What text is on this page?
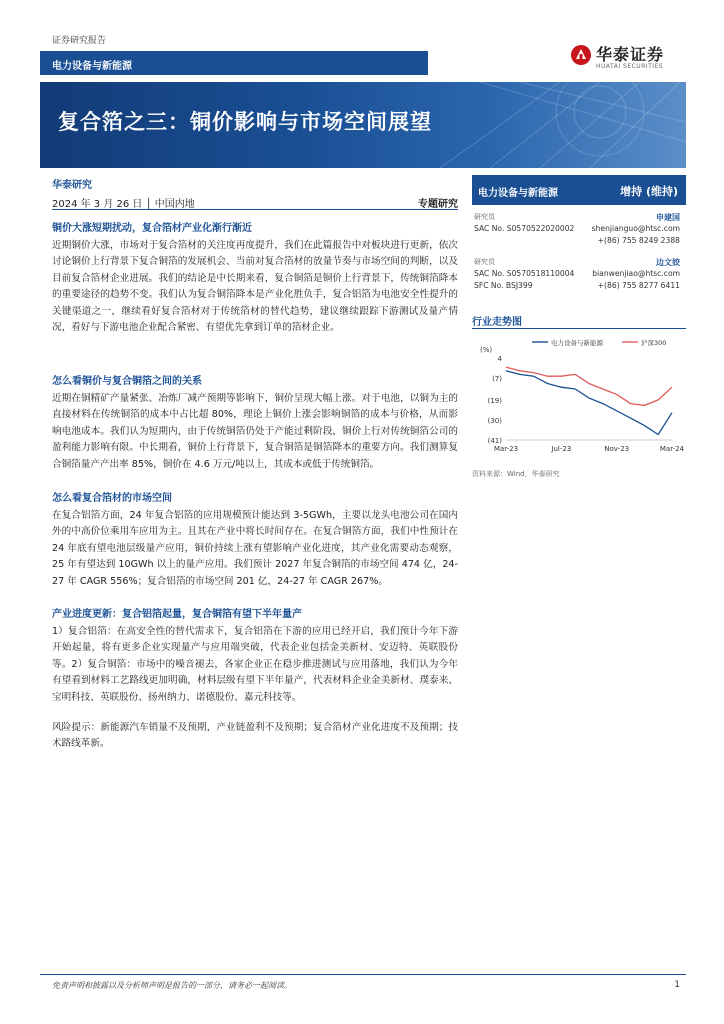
证券研究报告
电力设备与新能源
华泰证券
HUATAI SECURITIES
复合箔之三：铜价影响与市场空间展望
华泰研究
2024 年 3 月 26 日 │ 中国内地	专题研究
铜价大涨短期扰动，复合箔材产业化渐行渐近

近期铜价大涨，市场对于复合箔材的关注度再度提升，我们在此篇报告中对板块进行更新，依次讨论铜价上行背景下复合铜箔的发展机会、当前对复合箔材的放量节奏与市场空间的判断，以及目前复合箔材企业进展。我们的结论是中长期来看，复合铜箔是铜价上行背景下，传统铜箔降本的重要途径的趋势不变。我们认为复合铜箔降本是产业化胜负手，复合铝箔为电池安全性提升的关键渠道之一，继续看好复合箔材对于传统箔材的替代趋势，建议继续跟踪下游测试及量产情况，看好与下游电池企业配合紧密、有望优先拿到订单的箔材企业。

怎么看铜价与复合铜箔之间的关系

近期在铜精矿产量紧张、冶炼厂减产预期等影响下，铜价呈现大幅上涨。对于电池，以铜为主的直接材料在传统铜箔的成本中占比超 80%，理论上铜价上涨会影响铜箔的成本与价格，从而影响电池成本。我们认为短期内，由于传统铜箔仍处于产能过剩阶段，铜价上行对传统铜箔公司的盈利能力影响有限。中长期看，铜价上行背景下，复合铜箔是铜箔降本的重要方向。我们测算复合铜箔量产产出率 85%，铜价在 4.6 万元/吨以上，其成本或低于传统铜箔。

怎么看复合箔材的市场空间

在复合铝箔方面，24 年复合铝箔的应用规模预计能达到 3-5GWh，主要以龙头电池公司在国内外的中高价位乘用车应用为主。且其在产业中将长时间存在。在复合铜箔方面，我们中性预计在 24 年底有望电池层级量产应用，铜价持续上涨有望影响产业化进度，其产业化需要动态观察，25 年有望达到 10GWh 以上的量产应用。我们预计 2027 年复合铜箔的市场空间 474 亿，24-27 年 CAGR 556%；复合铝箔的市场空间 201 亿，24-27 年 CAGR 267%。

产业进度更新：复合铝箔起量，复合铜箔有望下半年量产

1）复合铝箔：在高安全性的替代需求下，复合铝箔在下游的应用已经开启，我们预计今年下游开始起量，将有更多企业实现量产与应用端突破，代表企业包括金美新材、安迈特、英联股份等。2）复合铜箔：市场中的噪音褪去，各家企业正在稳步推进测试与应用落地，我们认为今年有望看到材料工艺路线更加明确，材料层级有望下半年量产，代表材料企业金美新材、璞泰来、宝明科技、英联股份、扬州纳力、诺德股份、嘉元科技等。

风险提示：新能源汽车销量不及预期，产业链盈利不及预期；复合箔材产业化进度不及预期；技术路线革新。

电力设备与新能源	增持 (维持)
研究员	申建国
SAC No. S0570522020002 shenjianguo@htsc.com
+(86) 755 8249 2388
研究员	边文姣
SAC No. S0570518110004 bianwenjiao@htsc.com
SFC No. BSJ399	+(86) 755 8277 6411
行业走势图
(%)
4
(7)
(19)
(30)
(41)
Mar-23	Jul-23	Nov-23	Mar-24
电力设备与新能源	沪深300
资料来源：Wind，华泰研究
免责声明和披露以及分析师声明是报告的一部分，请务必一起阅读。	1
